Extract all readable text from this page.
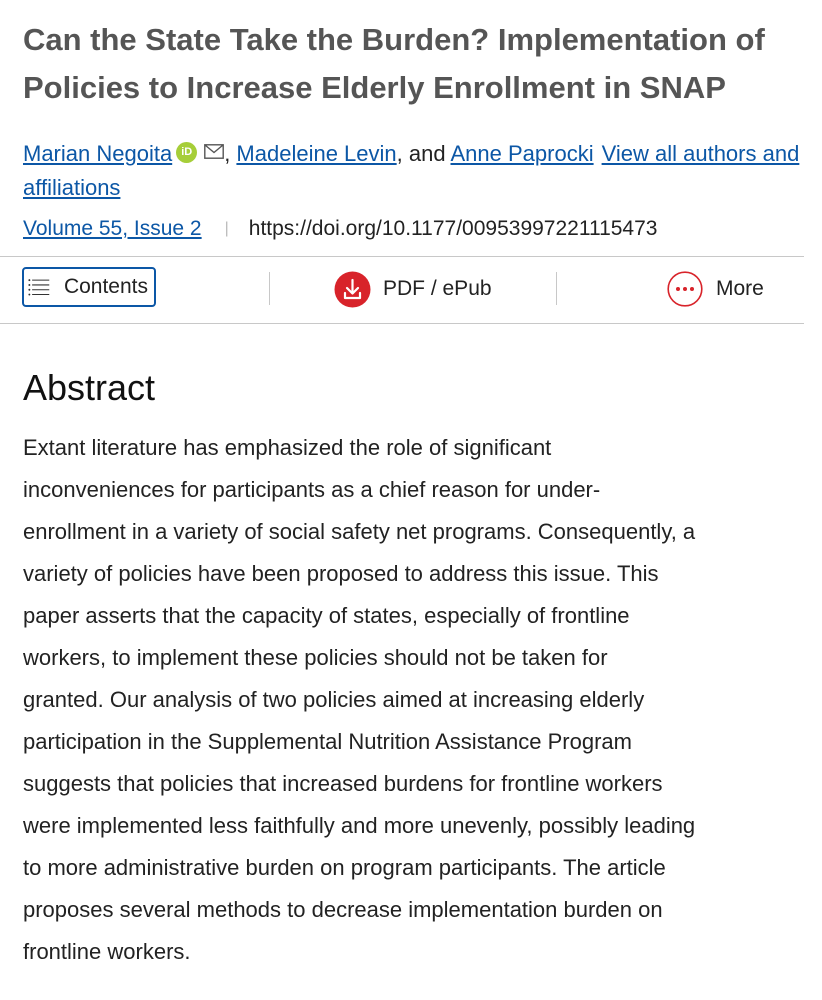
Can the State Take the Burden? Implementation of
Policies to Increase Elderly Enrollment in SNAP
Marian Negoita iD , Madeleine Levin, and Anne Paprocki View all authors and affiliations
Volume 55, Issue 2 | https://doi.org/10.1177/00953997221115473
Contents	PDF / ePub	More
Abstract

Extant literature has emphasized the role of significant
inconveniences for participants as a chief reason for under-
enrollment in a variety of social safety net programs. Consequently, a
variety of policies have been proposed to address this issue. This
paper asserts that the capacity of states, especially of frontline
workers, to implement these policies should not be taken for
granted. Our analysis of two policies aimed at increasing elderly
participation in the Supplemental Nutrition Assistance Program
suggests that policies that increased burdens for frontline workers
were implemented less faithfully and more unevenly, possibly leading
to more administrative burden on program participants. The article
proposes several methods to decrease implementation burden on
frontline workers.
